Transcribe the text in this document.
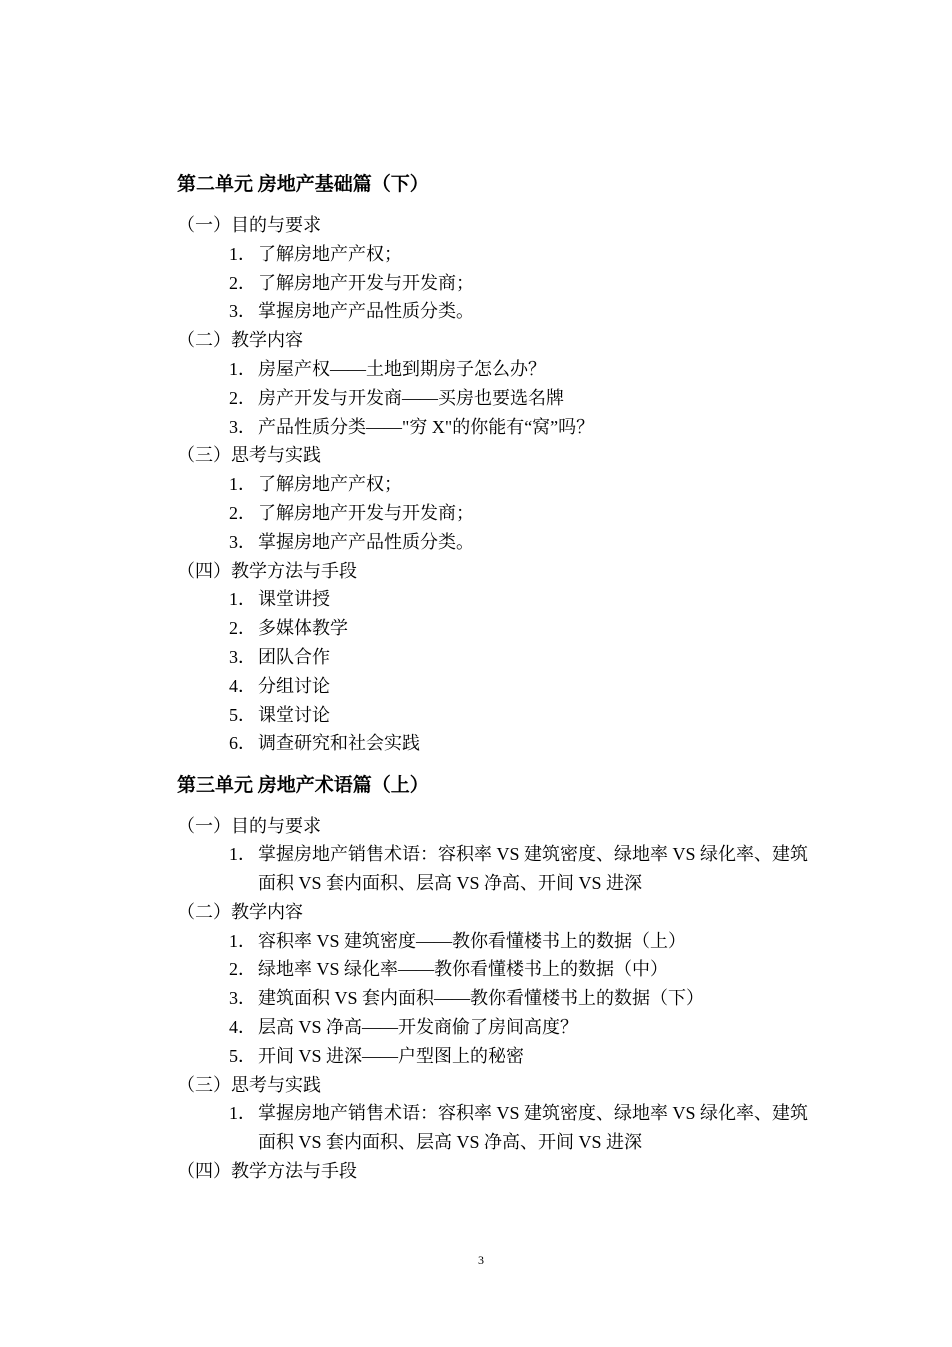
第二单元 房地产基础篇（下）
（一）目的与要求
1． 了解房地产产权；
2． 了解房地产开发与开发商；
3． 掌握房地产产品性质分类。
（二）教学内容
1． 房屋产权——土地到期房子怎么办？
2． 房产开发与开发商——买房也要选名牌
3． 产品性质分类——"穷 X"的你能有“窝”吗？
（三）思考与实践
1． 了解房地产产权；
2． 了解房地产开发与开发商；
3． 掌握房地产产品性质分类。
（四）教学方法与手段
1． 课堂讲授
2． 多媒体教学
3． 团队合作
4． 分组讨论
5． 课堂讨论
6． 调查研究和社会实践
第三单元 房地产术语篇（上）
（一）目的与要求
1． 掌握房地产销售术语：容积率 VS 建筑密度、绿地率 VS 绿化率、建筑
面积 VS 套内面积、层高 VS 净高、开间 VS 进深
（二）教学内容
1． 容积率 VS 建筑密度——教你看懂楼书上的数据（上）
2． 绿地率 VS 绿化率——教你看懂楼书上的数据（中）
3． 建筑面积 VS 套内面积——教你看懂楼书上的数据（下）
4． 层高 VS 净高——开发商偷了房间高度？
5． 开间 VS 进深——户型图上的秘密
（三）思考与实践
1． 掌握房地产销售术语：容积率 VS 建筑密度、绿地率 VS 绿化率、建筑
面积 VS 套内面积、层高 VS 净高、开间 VS 进深
（四）教学方法与手段
3
